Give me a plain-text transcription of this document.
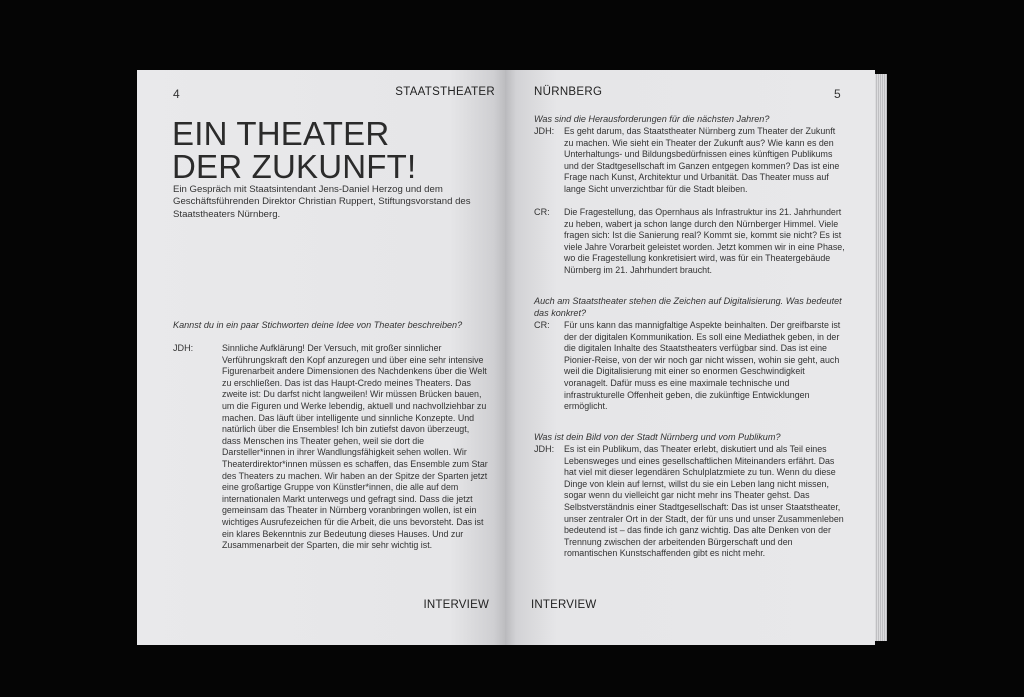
4	STAATSTHEATER
EIN THEATER
DER ZUKUNFT!

Ein Gespräch mit Staatsintendant Jens-Daniel Herzog und dem Geschäftsführenden Direktor Christian Ruppert, Stiftungsvorstand des Staatstheaters Nürnberg.

Kannst du in ein paar Stichworten deine Idee von Theater beschreiben?

JDH:	Sinnliche Aufklärung! Der Versuch, mit großer sinnlicher Verführungskraft den Kopf anzuregen und über eine sehr intensive Figurenarbeit andere Dimensionen des Nachdenkens über die Welt zu erschließen. Das ist das Haupt-Credo meines Theaters. Das zweite ist: Du darfst nicht langweilen! Wir müssen Brücken bauen, um die Figuren und Werke lebendig, aktuell und nachvollziehbar zu machen. Das läuft über intelligente und sinnliche Konzepte. Und natürlich über die Ensembles! Ich bin zutiefst davon überzeugt, dass Menschen ins Theater gehen, weil sie dort die Darsteller*innen in ihrer Wandlungsfähigkeit sehen wollen. Wir Theaterdirektor*innen müssen es schaffen, das Ensemble zum Star des Theaters zu machen. Wir haben an der Spitze der Sparten jetzt eine großartige Gruppe von Künstler*innen, die alle auf dem internationalen Markt unterwegs und gefragt sind. Dass die jetzt gemeinsam das Theater in Nürnberg voranbringen wollen, ist ein wichtiges Ausrufezeichen für die Arbeit, die uns bevorsteht. Das ist ein klares Bekenntnis zur Bedeutung dieses Hauses. Und zur Zusammenarbeit der Sparten, die mir sehr wichtig ist.

INTERVIEW
NÜRNBERG	5

Was sind die Herausforderungen für die nächsten Jahren?

JDH: Es geht darum, das Staatstheater Nürnberg zum Theater der Zukunft zu machen. Wie sieht ein Theater der Zukunft aus? Wie kann es den Unterhaltungs- und Bildungsbedürfnissen eines künftigen Publikums und der Stadtgesellschaft im Ganzen entgegen kommen? Das ist eine Frage nach Kunst, Architektur und Urbanität. Das Theater muss auf lange Sicht unverzichtbar für die Stadt bleiben.

CR: Die Fragestellung, das Opernhaus als Infrastruktur ins 21. Jahrhundert zu heben, wabert ja schon lange durch den Nürnberger Himmel. Viele fragen sich: Ist die Sanierung real? Kommt sie, kommt sie nicht? Es ist viele Jahre Vorarbeit geleistet worden. Jetzt kommen wir in eine Phase, wo die Fragestellung konkretisiert wird, was für ein Theatergebäude Nürnberg im 21. Jahrhundert braucht.

Auch am Staatstheater stehen die Zeichen auf Digitalisierung. Was bedeutet das konkret?

CR: Für uns kann das mannigfaltige Aspekte beinhalten. Der greifbarste ist der der digitalen Kommunikation. Es soll eine Mediathek geben, in der die digitalen Inhalte des Staatstheaters verfügbar sind. Das ist eine Pionier-Reise, von der wir noch gar nicht wissen, wohin sie geht, auch weil die Digitalisierung mit einer so enormen Geschwindigkeit voranagelt. Dafür muss es eine maximale technische und infrastrukturelle Offenheit geben, die zukünftige Entwicklungen ermöglicht.

Was ist dein Bild von der Stadt Nürnberg und vom Publikum?

JDH: Es ist ein Publikum, das Theater erlebt, diskutiert und als Teil eines Lebensweges und eines gesellschaftlichen Miteinanders erfährt. Das hat viel mit dieser legendären Schulplatzmiete zu tun. Wenn du diese Dinge von klein auf lernst, willst du sie ein Leben lang nicht missen, sogar wenn du vielleicht gar nicht mehr ins Theater gehst. Das Selbstverständnis einer Stadtgesellschaft: Das ist unser Staatstheater, unser zentraler Ort in der Stadt, der für uns und unser Zusammenleben bedeutend ist – das finde ich ganz wichtig. Das alte Denken von der Trennung zwischen der arbeitenden Bürgerschaft und den romantischen Kunstschaffenden gibt es nicht mehr.

INTERVIEW
